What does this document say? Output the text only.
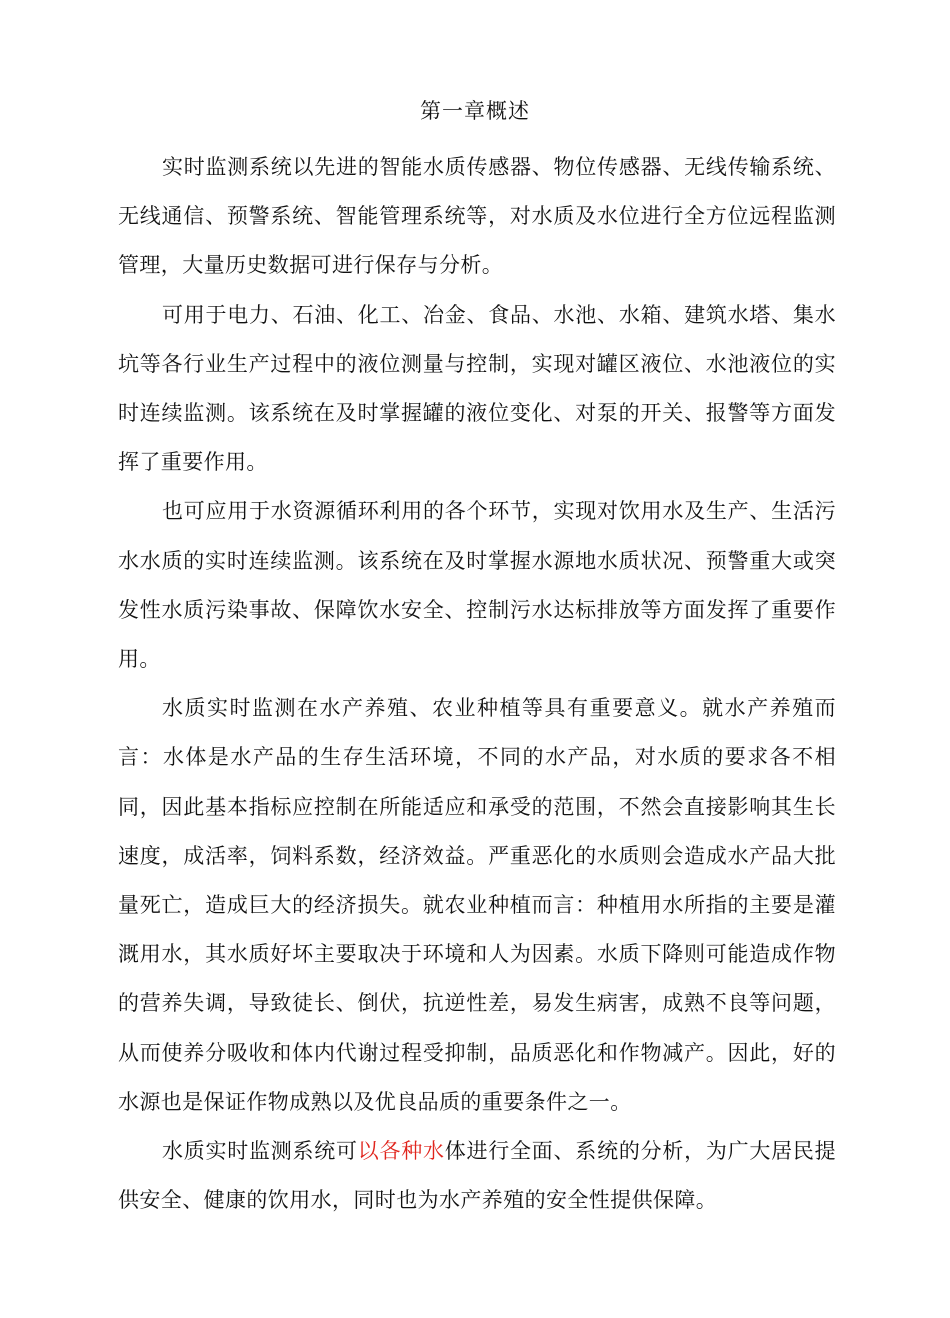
第一章概述

实时监测系统以先进的智能水质传感器、物位传感器、无线传输系统、无线通信、预警系统、智能管理系统等，对水质及水位进行全方位远程监测管理，大量历史数据可进行保存与分析。

可用于电力、石油、化工、冶金、食品、水池、水箱、建筑水塔、集水坑等各行业生产过程中的液位测量与控制，实现对罐区液位、水池液位的实时连续监测。该系统在及时掌握罐的液位变化、对泵的开关、报警等方面发挥了重要作用。

也可应用于水资源循环利用的各个环节，实现对饮用水及生产、生活污水水质的实时连续监测。该系统在及时掌握水源地水质状况、预警重大或突发性水质污染事故、保障饮水安全、控制污水达标排放等方面发挥了重要作用。

水质实时监测在水产养殖、农业种植等具有重要意义。就水产养殖而言：水体是水产品的生存生活环境，不同的水产品，对水质的要求各不相同，因此基本指标应控制在所能适应和承受的范围，不然会直接影响其生长速度，成活率，饲料系数，经济效益。严重恶化的水质则会造成水产品大批量死亡，造成巨大的经济损失。就农业种植而言：种植用水所指的主要是灌溉用水，其水质好坏主要取决于环境和人为因素。水质下降则可能造成作物的营养失调，导致徒长、倒伏，抗逆性差，易发生病害，成熟不良等问题，从而使养分吸收和体内代谢过程受抑制，品质恶化和作物减产。因此，好的水源也是保证作物成熟以及优良品质的重要条件之一。

水质实时监测系统可以各种水体进行全面、系统的分析，为广大居民提供安全、健康的饮用水，同时也为水产养殖的安全性提供保障。
